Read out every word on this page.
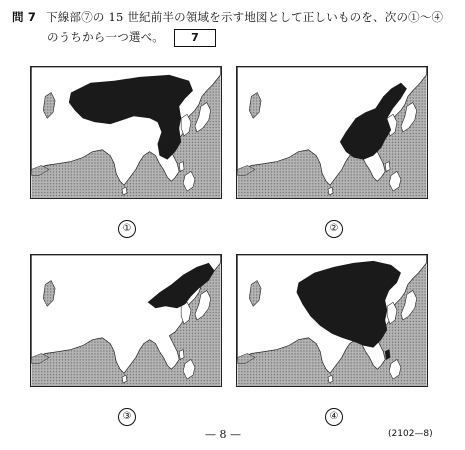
問 7 下線部⑦の 15 世紀前半の領域を示す地図として正しいものを、次の①～④
のうちから一つ選べ。 7
①	②
③	④
— 8 —	(2102—8)
